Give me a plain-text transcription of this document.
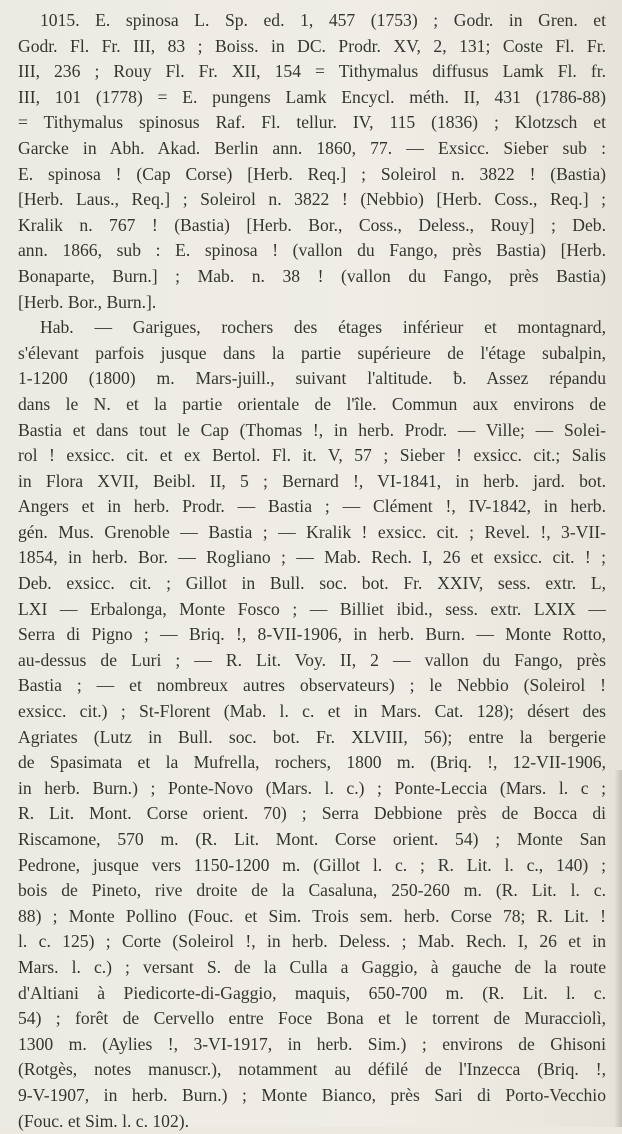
1015. E. spinosa L. Sp. ed. 1, 457 (1753) ; Godr. in Gren. et
Godr. Fl. Fr. III, 83 ; Boiss. in DC. Prodr. XV, 2, 131; Coste Fl. Fr.
III, 236 ; Rouy Fl. Fr. XII, 154 = Tithymalus diffusus Lamk Fl. fr.
III, 101 (1778) = E. pungens Lamk Encycl. méth. II, 431 (1786-88)
= Tithymalus spinosus Raf. Fl. tellur. IV, 115 (1836) ; Klotzsch et
Garcke in Abh. Akad. Berlin ann. 1860, 77. — Exsicc. Sieber sub :
E. spinosa ! (Cap Corse) [Herb. Req.] ; Soleirol n. 3822 ! (Bastia)
[Herb. Laus., Req.] ; Soleirol n. 3822 ! (Nebbio) [Herb. Coss., Req.] ;
Kralik n. 767 ! (Bastia) [Herb. Bor., Coss., Deless., Rouy] ; Deb.
ann. 1866, sub : E. spinosa ! (vallon du Fango, près Bastia) [Herb.
Bonaparte, Burn.] ; Mab. n. 38 ! (vallon du Fango, près Bastia)
[Herb. Bor., Burn.].
Hab. — Garigues, rochers des étages inférieur et montagnard,
s'élevant parfois jusque dans la partie supérieure de l'étage subalpin,
1-1200 (1800) m. Mars-juill., suivant l'altitude. ƀ. Assez répandu
dans le N. et la partie orientale de l'île. Commun aux environs de
Bastia et dans tout le Cap (Thomas !, in herb. Prodr. — Ville; — Solei-
rol ! exsicc. cit. et ex Bertol. Fl. it. V, 57 ; Sieber ! exsicc. cit.; Salis
in Flora XVII, Beibl. II, 5 ; Bernard !, VI-1841, in herb. jard. bot.
Angers et in herb. Prodr. — Bastia ; — Clément !, IV-1842, in herb.
gén. Mus. Grenoble — Bastia ; — Kralik ! exsicc. cit. ; Revel. !, 3-VII-
1854, in herb. Bor. — Rogliano ; — Mab. Rech. I, 26 et exsicc. cit. ! ;
Deb. exsicc. cit. ; Gillot in Bull. soc. bot. Fr. XXIV, sess. extr. L,
LXI — Erbalonga, Monte Fosco ; — Billiet ibid., sess. extr. LXIX —
Serra di Pigno ; — Briq. !, 8-VII-1906, in herb. Burn. — Monte Rotto,
au-dessus de Luri ; — R. Lit. Voy. II, 2 — vallon du Fango, près
Bastia ; — et nombreux autres observateurs) ; le Nebbio (Soleirol !
exsicc. cit.) ; St-Florent (Mab. l. c. et in Mars. Cat. 128); désert des
Agriates (Lutz in Bull. soc. bot. Fr. XLVIII, 56); entre la bergerie
de Spasimata et la Mufrella, rochers, 1800 m. (Briq. !, 12-VII-1906,
in herb. Burn.) ; Ponte-Novo (Mars. l. c.) ; Ponte-Leccia (Mars. l. c ;
R. Lit. Mont. Corse orient. 70) ; Serra Debbione près de Bocca di
Riscamone, 570 m. (R. Lit. Mont. Corse orient. 54) ; Monte San
Pedrone, jusque vers 1150-1200 m. (Gillot l. c. ; R. Lit. l. c., 140) ;
bois de Pineto, rive droite de la Casaluna, 250-260 m. (R. Lit. l. c.
88) ; Monte Pollino (Fouc. et Sim. Trois sem. herb. Corse 78; R. Lit. !
l. c. 125) ; Corte (Soleirol !, in herb. Deless. ; Mab. Rech. I, 26 et in
Mars. l. c.) ; versant S. de la Culla a Gaggio, à gauche de la route
d'Altiani à Piedicorte-di-Gaggio, maquis, 650-700 m. (R. Lit. l. c.
54) ; forêt de Cervello entre Foce Bona et le torrent de Muracciolì,
1300 m. (Aylies !, 3-VI-1917, in herb. Sim.) ; environs de Ghisoni
(Rotgès, notes manuscr.), notamment au défilé de l'Inzecca (Briq. !,
9-V-1907, in herb. Burn.) ; Monte Bianco, près Sari di Porto-Vecchio
(Fouc. et Sim. l. c. 102).
